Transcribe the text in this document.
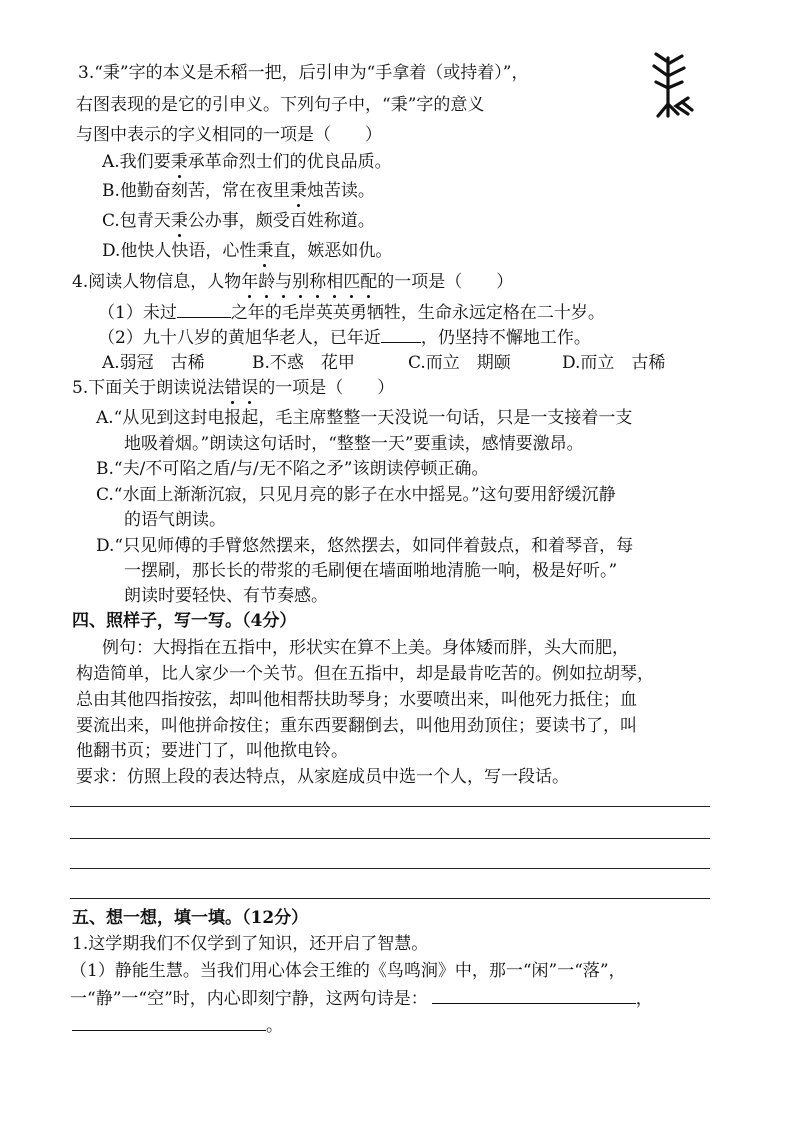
3.“秉”字的本义是禾稻一把，后引申为“手拿着（或持着）”，
右图表现的是它的引申义。下列句子中，“秉”字的意义
与图中表示的字义相同的一项是（　　）
A.我们要秉承革命烈士们的优良品质。
B.他勤奋刻苦，常在夜里秉烛苦读。
C.包青天秉公办事，颇受百姓称道。
D.他快人快语，心性秉直，嫉恶如仇。
4.阅读人物信息，人物年龄与别称相匹配的一项是（　　）
（1）未过	之年的毛岸英英勇牺牲，生命永远定格在二十岁。
（2）九十八岁的黄旭华老人，已年近 ，仍坚持不懈地工作。
A.弱冠　古稀	B.不惑　花甲	C.而立　期颐	D.而立　古稀
5.下面关于朗读说法错误的一项是（　　）
A.“从见到这封电报起，毛主席整整一天没说一句话，只是一支接着一支
地吸着烟。”朗读这句话时，“整整一天”要重读，感情要激昂。
B.“夫/不可陷之盾/与/无不陷之矛”该朗读停顿正确。
C.“水面上渐渐沉寂，只见月亮的影子在水中摇晃。”这句要用舒缓沉静
的语气朗读。
D.“只见师傅的手臂悠然摆来，悠然摆去，如同伴着鼓点，和着琴音，每
一摆刷，那长长的带浆的毛刷便在墙面啪地清脆一响，极是好听。”
朗读时要轻快、有节奏感。
四、照样子，写一写。（4分）
例句：大拇指在五指中，形状实在算不上美。身体矮而胖，头大而肥，
构造简单，比人家少一个关节。但在五指中，却是最肯吃苦的。例如拉胡琴，
总由其他四指按弦，却叫他相帮扶助琴身；水要喷出来，叫他死力抵住；血
要流出来，叫他拼命按住；重东西要翻倒去，叫他用劲顶住；要读书了，叫
他翻书页；要进门了，叫他揿电铃。
要求：仿照上段的表达特点，从家庭成员中选一个人，写一段话。
五、想一想，填一填。（12分）
1.这学期我们不仅学到了知识，还开启了智慧。
（1）静能生慧。当我们用心体会王维的《鸟鸣涧》中，那一“闲”一“落”，
一“静”一“空”时，内心即刻宁静，这两句诗是：	，
。
